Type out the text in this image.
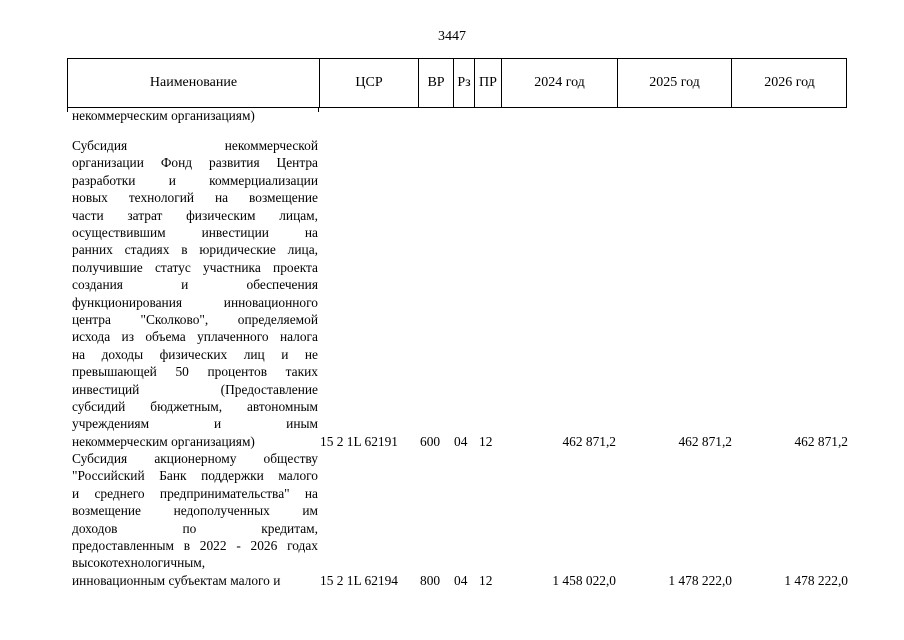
3447
Наименование	ЦСР	ВР Рз ПР	2024 год	2025 год	2026 год
некоммерческим организациям)
Субсидия некоммерческой
организации Фонд развития Центра
разработки и коммерциализации
новых технологий на возмещение
части затрат физическим лицам,
осуществившим инвестиции на
ранних стадиях в юридические лица,
получившие статус участника проекта
создания и обеспечения
функционирования инновационного
центра "Сколково", определяемой
исхода из объема уплаченного налога
на доходы физических лиц и не
превышающей 50 процентов таких
инвестиций (Предоставление
субсидий бюджетным, автономным
учреждениям и иным
некоммерческим организациям)	15 2 1L 62191	600	04 12	462 871,2	462 871,2	462 871,2
Субсидия акционерному обществу
"Российский Банк поддержки малого
и среднего предпринимательства" на
возмещение недополученных им
доходов по кредитам,
предоставленным в 2022 - 2026 годах
высокотехнологичным,
инновационным субъектам малого и	15 2 1L 62194	800	04 12	1 458 022,0	1 478 222,0	1 478 222,0
